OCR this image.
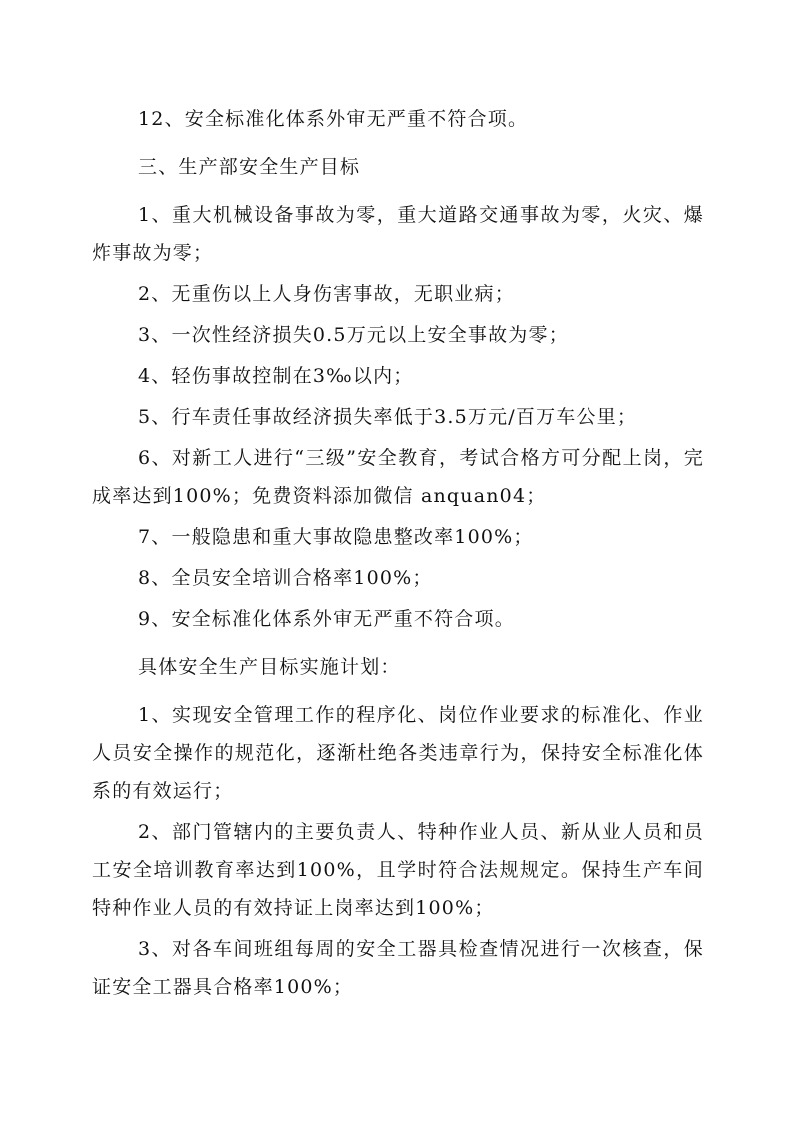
12、安全标准化体系外审无严重不符合项。

三、生产部安全生产目标

1、重大机械设备事故为零，重大道路交通事故为零，火灾、爆炸事故为零；

2、无重伤以上人身伤害事故，无职业病；

3、一次性经济损失0.5万元以上安全事故为零；

4、轻伤事故控制在3‰以内；

5、行车责任事故经济损失率低于3.5万元/百万车公里；

6、对新工人进行“三级”安全教育，考试合格方可分配上岗，完成率达到100%；免费资料添加微信 anquan04；

7、一般隐患和重大事故隐患整改率100%；

8、全员安全培训合格率100%；

9、安全标准化体系外审无严重不符合项。

具体安全生产目标实施计划：

1、实现安全管理工作的程序化、岗位作业要求的标准化、作业人员安全操作的规范化，逐渐杜绝各类违章行为，保持安全标准化体系的有效运行；

2、部门管辖内的主要负责人、特种作业人员、新从业人员和员工安全培训教育率达到100%，且学时符合法规规定。保持生产车间特种作业人员的有效持证上岗率达到100%；

3、对各车间班组每周的安全工器具检查情况进行一次核查，保证安全工器具合格率100%；
